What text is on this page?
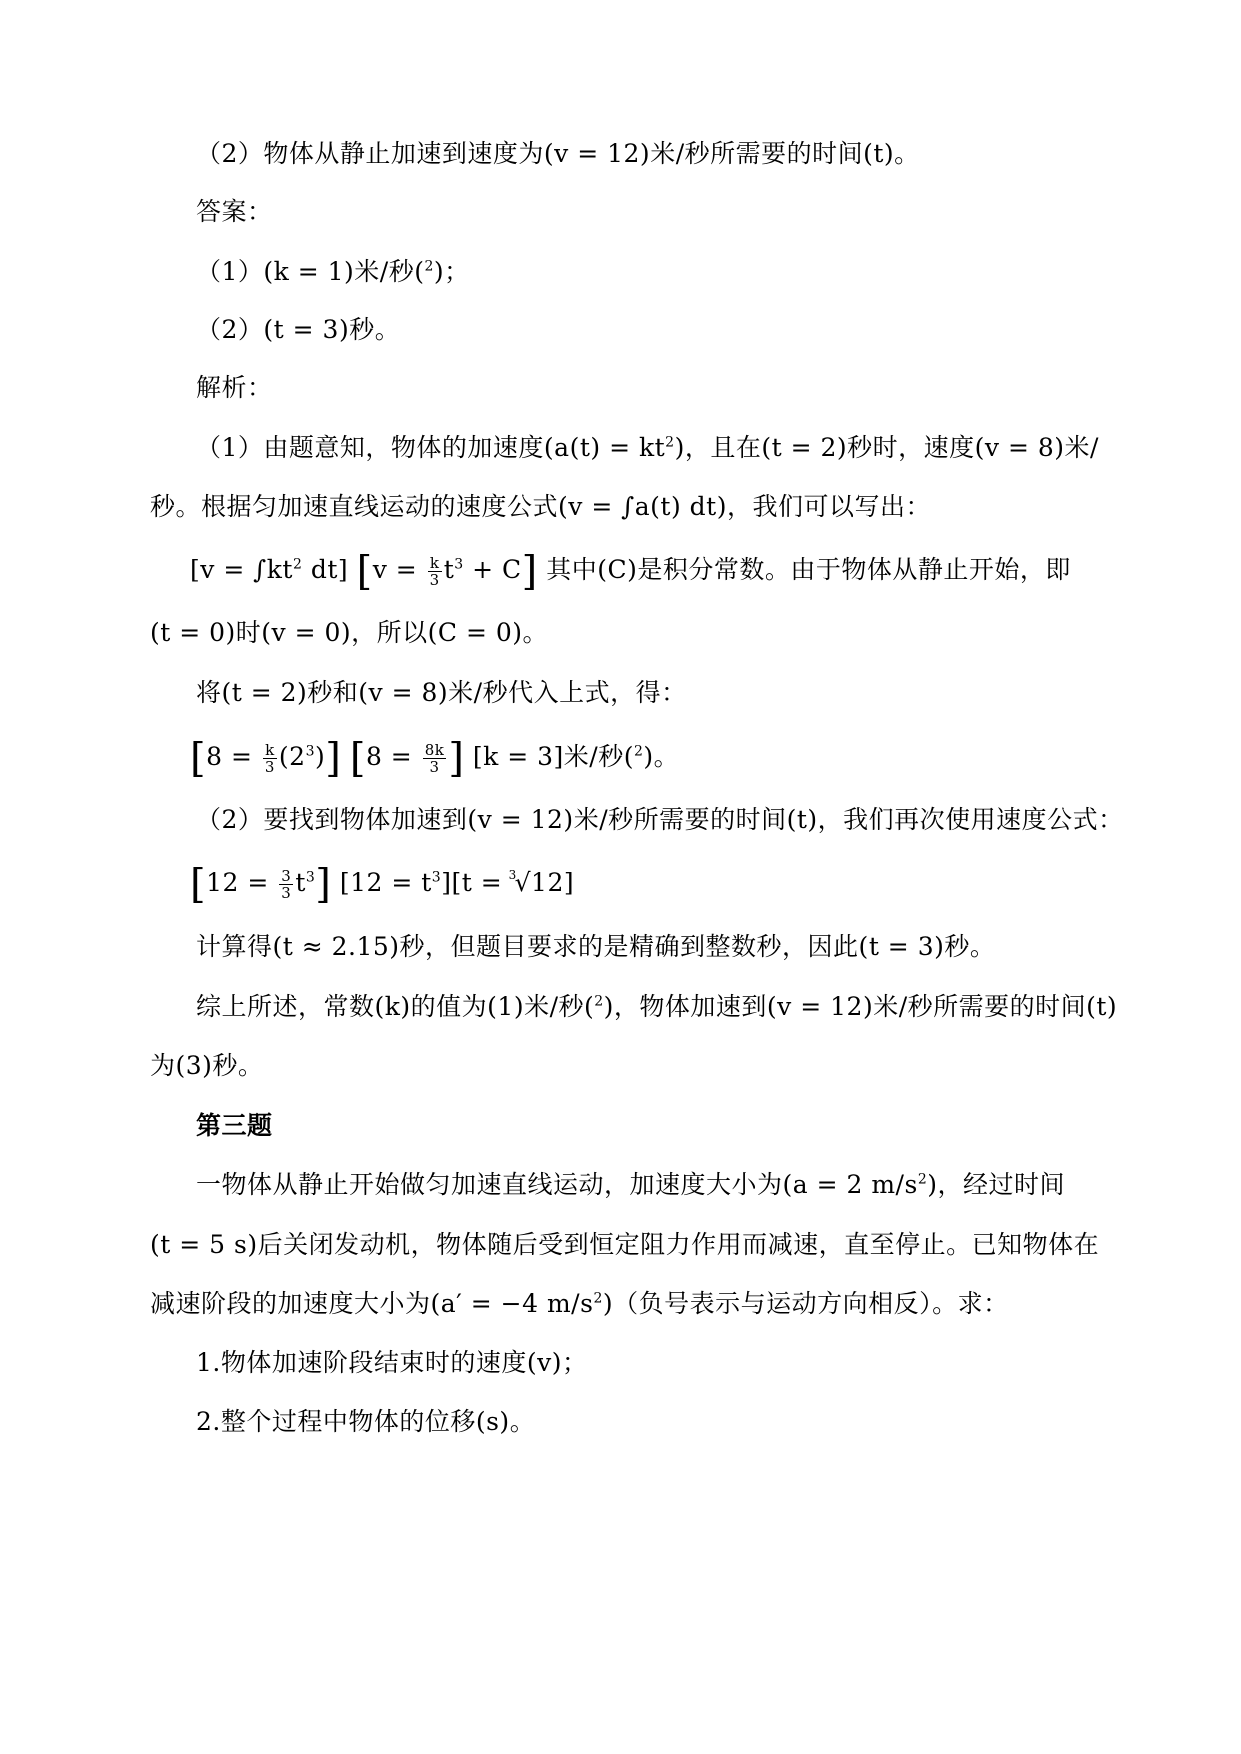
（2）物体从静止加速到速度为(v = 12)米/秒所需要的时间(t)。
答案：
（1）(k = 1)米/秒($^2$)；
（2）(t = 3)秒。
解析：
（1）由题意知，物体的加速度$(a(t) = kt^2)$，且在(t = 2)秒时，速度(v = 8)米/
秒。根据匀加速直线运动的速度公式(v = ∫a(t) dt)，我们可以写出：
[$v = \int kt^2$ dt] $[v = \frac{k}{3} t^3 + C]$ 其中(C)是积分常数。由于物体从静止开始，即
(t = 0)时(v = 0)，所以(C = 0)。
将(t = 2)秒和(v = 8)米/秒代入上式，得：
$[8 = \frac{k}{3} (2^3)]$ [$8 = \frac{8k}{3}$ ] [k = 3]米/秒($^2$)。
（2）要找到物体加速到(v = 12)米/秒所需要的时间(t)，我们再次使用速度公式：
$[12 = \frac{3}{3} t^3]$ $[12 = t^3][t$ =
3
√12]
计算得(t ≈ 2.15)秒，但题目要求的是精确到整数秒，因此(t = 3)秒。
综上所述，常数(k)的值为(1)米/秒($^2$)，物体加速到(v = 12)米/秒所需要的时间(t)
为(3)秒。
第三题
一物体从静止开始做匀加速直线运动，加速度大小为(a = 2 $m/s^2$)，经过时间
(t = 5 s)后关闭发动机，物体随后受到恒定阻力作用而减速，直至停止。已知物体在
减速阶段的加速度大小为(a′ = −4 $m/s^2$)（负号表示与运动方向相反）。求：
1.物体加速阶段结束时的速度(v)；
2.整个过程中物体的位移(s)。
